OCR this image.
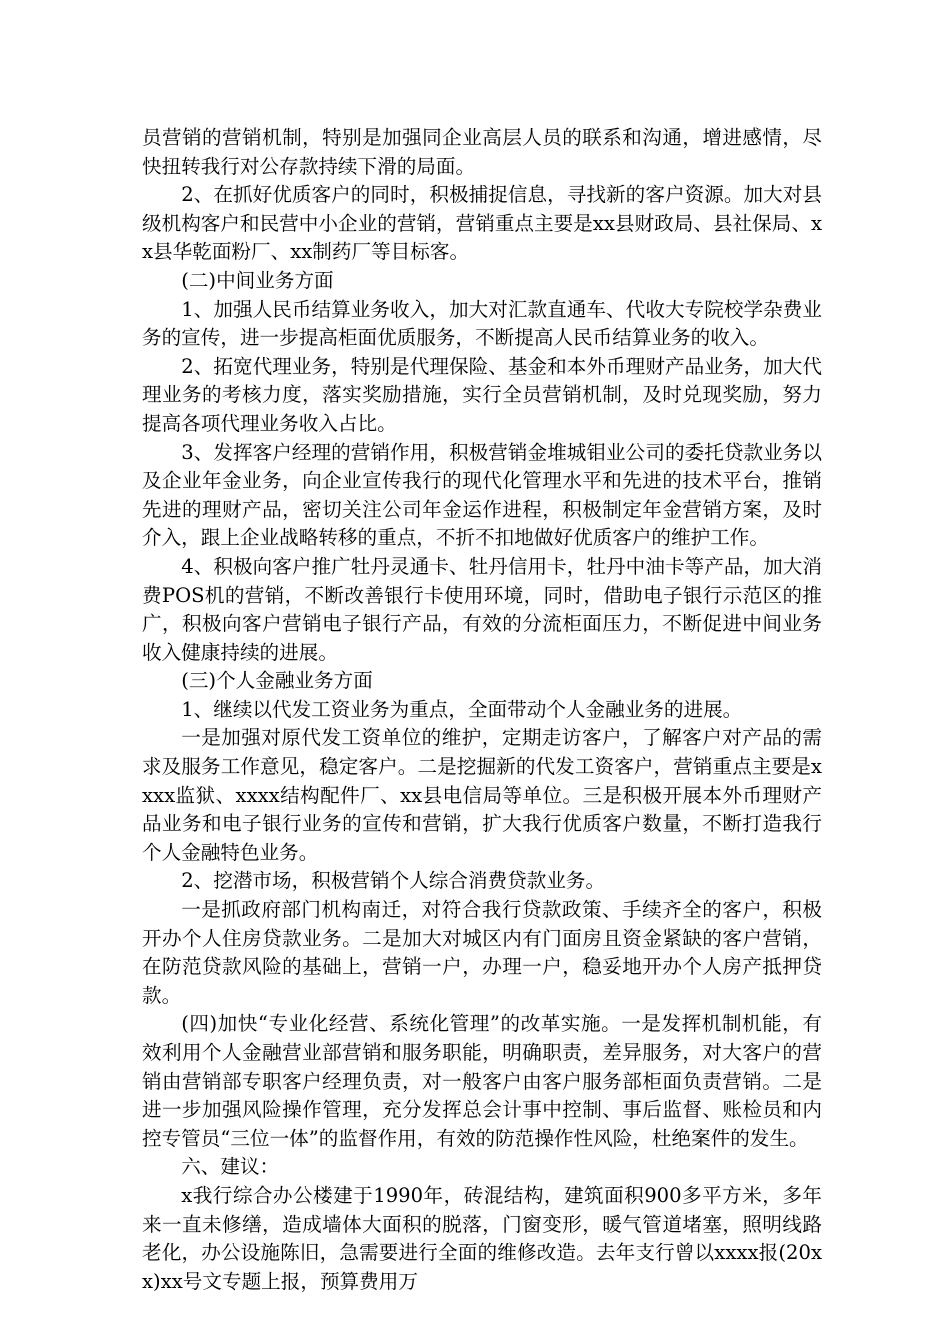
员营销的营销机制，特别是加强同企业高层人员的联系和沟通，增进感情，尽快扭转我行对公存款持续下滑的局面。

2、在抓好优质客户的同时，积极捕捉信息，寻找新的客户资源。加大对县级机构客户和民营中小企业的营销，营销重点主要是xx县财政局、县社保局、xx县华乾面粉厂、xx制药厂等目标客。

(二)中间业务方面

1、加强人民币结算业务收入，加大对汇款直通车、代收大专院校学杂费业务的宣传，进一步提高柜面优质服务，不断提高人民币结算业务的收入。

2、拓宽代理业务，特别是代理保险、基金和本外币理财产品业务，加大代理业务的考核力度，落实奖励措施，实行全员营销机制，及时兑现奖励，努力提高各项代理业务收入占比。

3、发挥客户经理的营销作用，积极营销金堆城钼业公司的委托贷款业务以及企业年金业务，向企业宣传我行的现代化管理水平和先进的技术平台，推销先进的理财产品，密切关注公司年金运作进程，积极制定年金营销方案，及时介入，跟上企业战略转移的重点，不折不扣地做好优质客户的维护工作。

4、积极向客户推广牡丹灵通卡、牡丹信用卡，牡丹中油卡等产品，加大消费POS机的营销，不断改善银行卡使用环境，同时，借助电子银行示范区的推广，积极向客户营销电子银行产品，有效的分流柜面压力，不断促进中间业务收入健康持续的进展。

(三)个人金融业务方面

1、继续以代发工资业务为重点，全面带动个人金融业务的进展。

一是加强对原代发工资单位的维护，定期走访客户，了解客户对产品的需求及服务工作意见，稳定客户。二是挖掘新的代发工资客户，营销重点主要是xxxx监狱、xxxx结构配件厂、xx县电信局等单位。三是积极开展本外币理财产品业务和电子银行业务的宣传和营销，扩大我行优质客户数量，不断打造我行个人金融特色业务。

2、挖潜市场，积极营销个人综合消费贷款业务。

一是抓政府部门机构南迁，对符合我行贷款政策、手续齐全的客户，积极开办个人住房贷款业务。二是加大对城区内有门面房且资金紧缺的客户营销，在防范贷款风险的基础上，营销一户，办理一户，稳妥地开办个人房产抵押贷款。

(四)加快“专业化经营、系统化管理”的改革实施。一是发挥机制机能，有效利用个人金融营业部营销和服务职能，明确职责，差异服务，对大客户的营销由营销部专职客户经理负责，对一般客户由客户服务部柜面负责营销。二是进一步加强风险操作管理，充分发挥总会计事中控制、事后监督、账检员和内控专管员“三位一体”的监督作用，有效的防范操作性风险，杜绝案件的发生。

六、建议：

x我行综合办公楼建于1990年，砖混结构，建筑面积900多平方米，多年来一直未修缮，造成墙体大面积的脱落，门窗变形，暖气管道堵塞，照明线路老化，办公设施陈旧，急需要进行全面的维修改造。去年支行曾以xxxx报(20xx)xx号文专题上报，预算费用万
